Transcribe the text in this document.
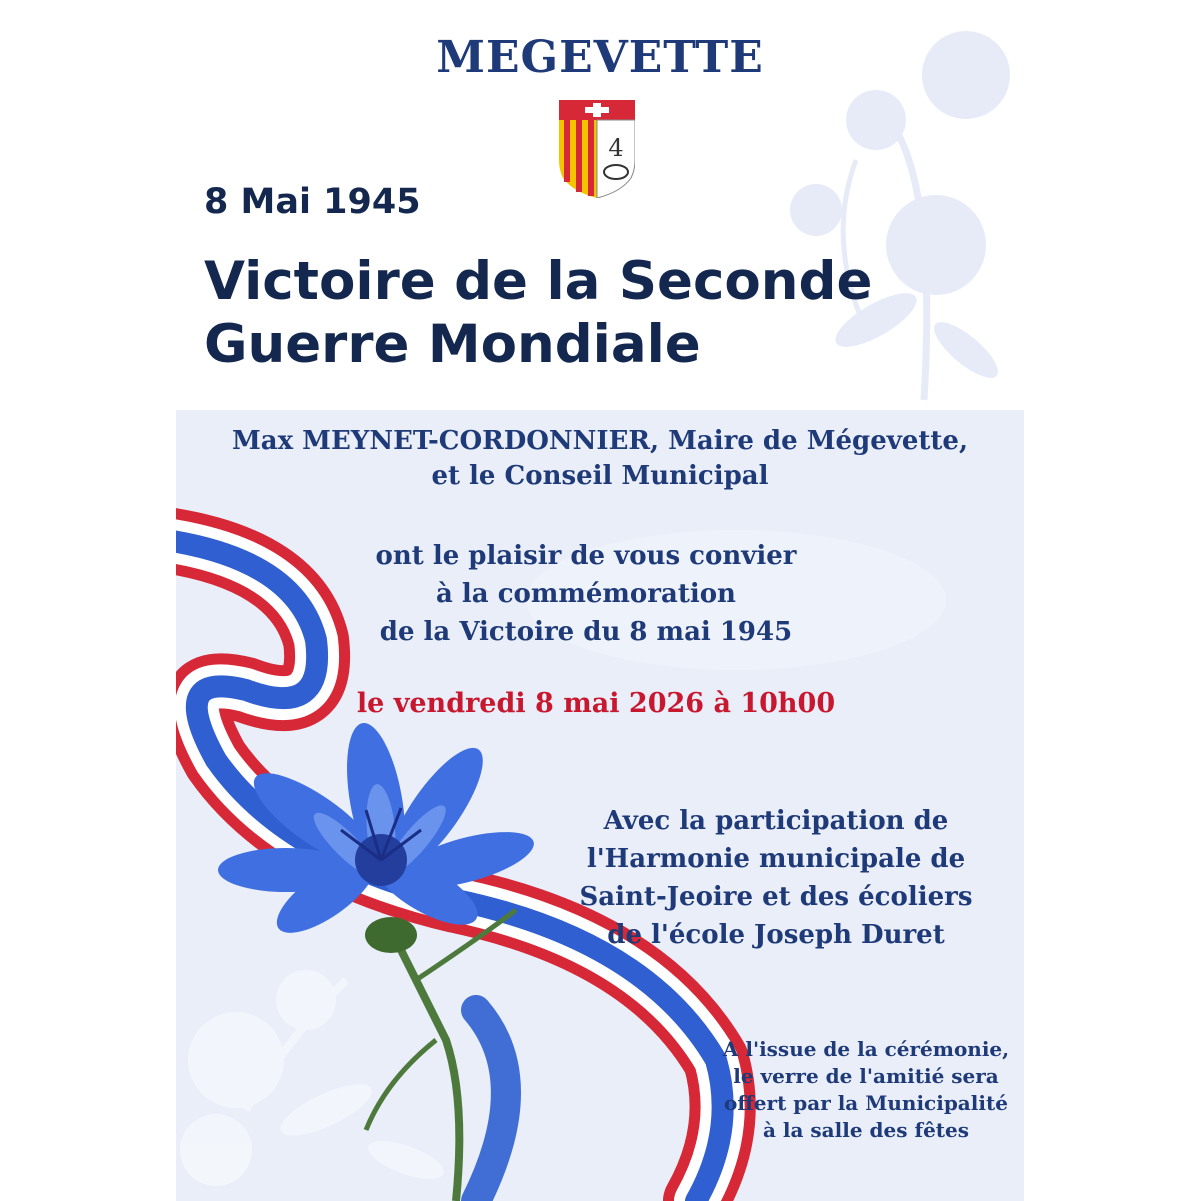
MEGEVETTE
4
8 Mai 1945
Victoire de la Seconde
Guerre Mondiale
Max MEYNET-CORDONNIER, Maire de Mégevette,
et le Conseil Municipal
ont le plaisir de vous convier
à la commémoration
de la Victoire du 8 mai 1945
le vendredi 8 mai 2026 à 10h00
Avec la participation de
l'Harmonie municipale de
Saint-Jeoire et des écoliers
de l'école Joseph Duret
A l'issue de la cérémonie,
le verre de l'amitié sera
offert par la Municipalité
à la salle des fêtes
